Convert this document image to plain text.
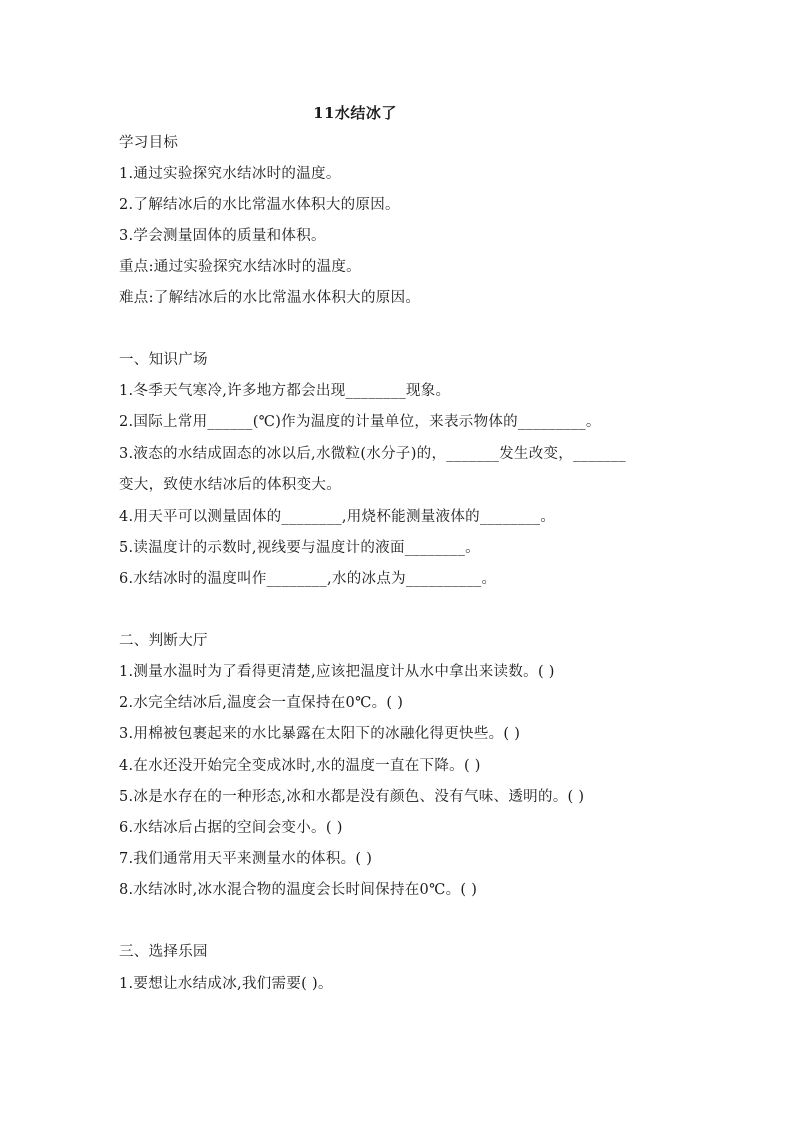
11水结冰了
学习目标
1.通过实验探究水结冰时的温度。
2.了解结冰后的水比常温水体积大的原因。
3.学会测量固体的质量和体积。
重点:通过实验探究水结冰时的温度。
难点:了解结冰后的水比常温水体积大的原因。
一、知识广场
1.冬季天气寒冷,许多地方都会出现________现象。
2.国际上常用______(℃)作为温度的计量单位，来表示物体的_________。
3.液态的水结成固态的冰以后,水微粒(水分子)的，_______发生改变，_______
变大，致使水结冰后的体积变大。
4.用天平可以测量固体的________,用烧杯能测量液体的________。
5.读温度计的示数时,视线要与温度计的液面________。
6.水结冰时的温度叫作________,水的冰点为__________。
二、判断大厅
1.测量水温时为了看得更清楚,应该把温度计从水中拿出来读数。( )
2.水完全结冰后,温度会一直保持在0℃。( )
3.用棉被包裹起来的水比暴露在太阳下的冰融化得更快些。( )
4.在水还没开始完全变成冰时,水的温度一直在下降。( )
5.冰是水存在的一种形态,冰和水都是没有颜色、没有气味、透明的。( )
6.水结冰后占据的空间会变小。( )
7.我们通常用天平来测量水的体积。( )
8.水结冰时,冰水混合物的温度会长时间保持在0℃。( )
三、选择乐园
1.要想让水结成冰,我们需要( )。
